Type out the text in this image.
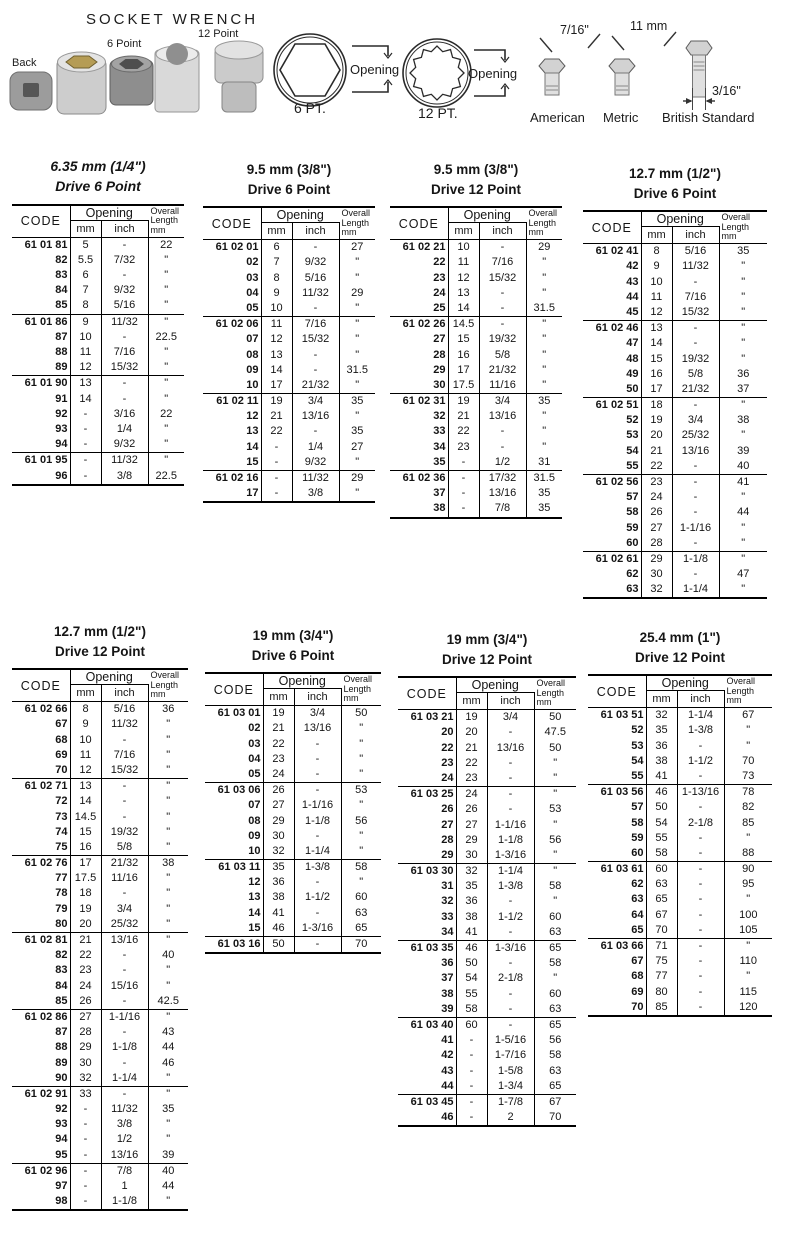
SOCKET WRENCH
Back
6 Point
12 Point
Opening
6 PT.
Opening
12 PT.
7/16"
American
11 mm
Metric
3/16"
British Standard
6.35 mm (1/4")
Drive 6 Point
CODE	Opening		Overall
Length
mm
	mm	inch	
61 01 81	5	-	22
82	5.5	7/32	"
83	6	-	"
84	7	9/32	"
85	8	5/16	"
61 01 86	9	11/32	"
87	10	-	22.5
88	11	7/16	"
89	12	15/32	"
61 01 90	13	-	"
91	14	-	"
92	-	3/16	22
93	-	1/4	"
94	-	9/32	"
61 01 95	-	11/32	"
96	-	3/8	22.5
9.5 mm (3/8")
Drive 6 Point
CODE	Opening		Overall
Length
mm
	mm	inch	
61 02 01	6	-	27
02	7	9/32	"
03	8	5/16	"
04	9	11/32	29
05	10	-	"
61 02 06	11	7/16	"
07	12	15/32	"
08	13	-	"
09	14	-	31.5
10	17	21/32	"
61 02 11	19	3/4	35
12	21	13/16	"
13	22	-	35
14	-	1/4	27
15	-	9/32	"
61 02 16	-	11/32	29
17	-	3/8	"
9.5 mm (3/8")
Drive 12 Point
CODE	Opening		Overall
Length
mm
	mm	inch	
61 02 21	10	-	29
22	11	7/16	"
23	12	15/32	"
24	13	-	"
25	14	-	31.5
61 02 26	14.5	-	"
27	15	19/32	"
28	16	5/8	"
29	17	21/32	"
30	17.5	11/16	"
61 02 31	19	3/4	35
32	21	13/16	"
33	22	-	"
34	23	-	"
35	-	1/2	31
61 02 36	-	17/32	31.5
37	-	13/16	35
38	-	7/8	35
12.7 mm (1/2")
Drive 6 Point
CODE	Opening		Overall
Length
mm
	mm	inch	
61 02 41	8	5/16	35
42	9	11/32	"
43	10	-	"
44	11	7/16	"
45	12	15/32	"
61 02 46	13	-	"
47	14	-	"
48	15	19/32	"
49	16	5/8	36
50	17	21/32	37
61 02 51	18	-	"
52	19	3/4	38
53	20	25/32	"
54	21	13/16	39
55	22	-	40
61 02 56	23	-	41
57	24	-	"
58	26	-	44
59	27	1-1/16	"
60	28	-	"
61 02 61	29	1-1/8	"
62	30	-	47
63	32	1-1/4	"
12.7 mm (1/2")
Drive 12 Point
CODE	Opening		Overall
Length
mm
	mm	inch	
61 02 66	8	5/16	36
67	9	11/32	"
68	10	-	"
69	11	7/16	"
70	12	15/32	"
61 02 71	13	-	"
72	14	-	"
73	14.5	-	"
74	15	19/32	"
75	16	5/8	"
61 02 76	17	21/32	38
77	17.5	11/16	"
78	18	-	"
79	19	3/4	"
80	20	25/32	"
61 02 81	21	13/16	"
82	22	-	40
83	23	-	"
84	24	15/16	"
85	26	-	42.5
61 02 86	27	1-1/16	"
87	28	-	43
88	29	1-1/8	44
89	30	-	46
90	32	1-1/4	"
61 02 91	33	-	"
92	-	11/32	35
93	-	3/8	"
94	-	1/2	"
95	-	13/16	39
61 02 96	-	7/8	40
97	-	1	44
98	-	1-1/8	"
19 mm (3/4")
Drive 6 Point
CODE	Opening		Overall
Length
mm
	mm	inch	
61 03 01	19	3/4	50
02	21	13/16	"
03	22	-	"
04	23	-	"
05	24	-	"
61 03 06	26	-	53
07	27	1-1/16	"
08	29	1-1/8	56
09	30	-	"
10	32	1-1/4	"
61 03 11	35	1-3/8	58
12	36	-	"
13	38	1-1/2	60
14	41	-	63
15	46	1-3/16	65
61 03 16	50	-	70
19 mm (3/4")
Drive 12 Point
CODE	Opening		Overall
Length
mm
	mm	inch	
61 03 21	19	3/4	50
20	20	-	47.5
22	21	13/16	50
23	22	-	"
24	23	-	"
61 03 25	24	-	"
26	26	-	53
27	27	1-1/16	"
28	29	1-1/8	56
29	30	1-3/16	"
61 03 30	32	1-1/4	"
31	35	1-3/8	58
32	36	-	"
33	38	1-1/2	60
34	41	-	63
61 03 35	46	1-3/16	65
36	50	-	58
37	54	2-1/8	"
38	55	-	60
39	58	-	63
61 03 40	60	-	65
41	-	1-5/16	56
42	-	1-7/16	58
43	-	1-5/8	63
44	-	1-3/4	65
61 03 45	-	1-7/8	67
46	-	2	70
25.4 mm (1")
Drive 12 Point
CODE	Opening		Overall
Length
mm
	mm	inch	
61 03 51	32	1-1/4	67
52	35	1-3/8	"
53	36	-	"
54	38	1-1/2	70
55	41	-	73
61 03 56	46	1-13/16	78
57	50	-	82
58	54	2-1/8	85
59	55	-	"
60	58	-	88
61 03 61	60	-	90
62	63	-	95
63	65	-	"
64	67	-	100
65	70	-	105
61 03 66	71	-	"
67	75	-	110
68	77	-	"
69	80	-	115
70	85	-	120
